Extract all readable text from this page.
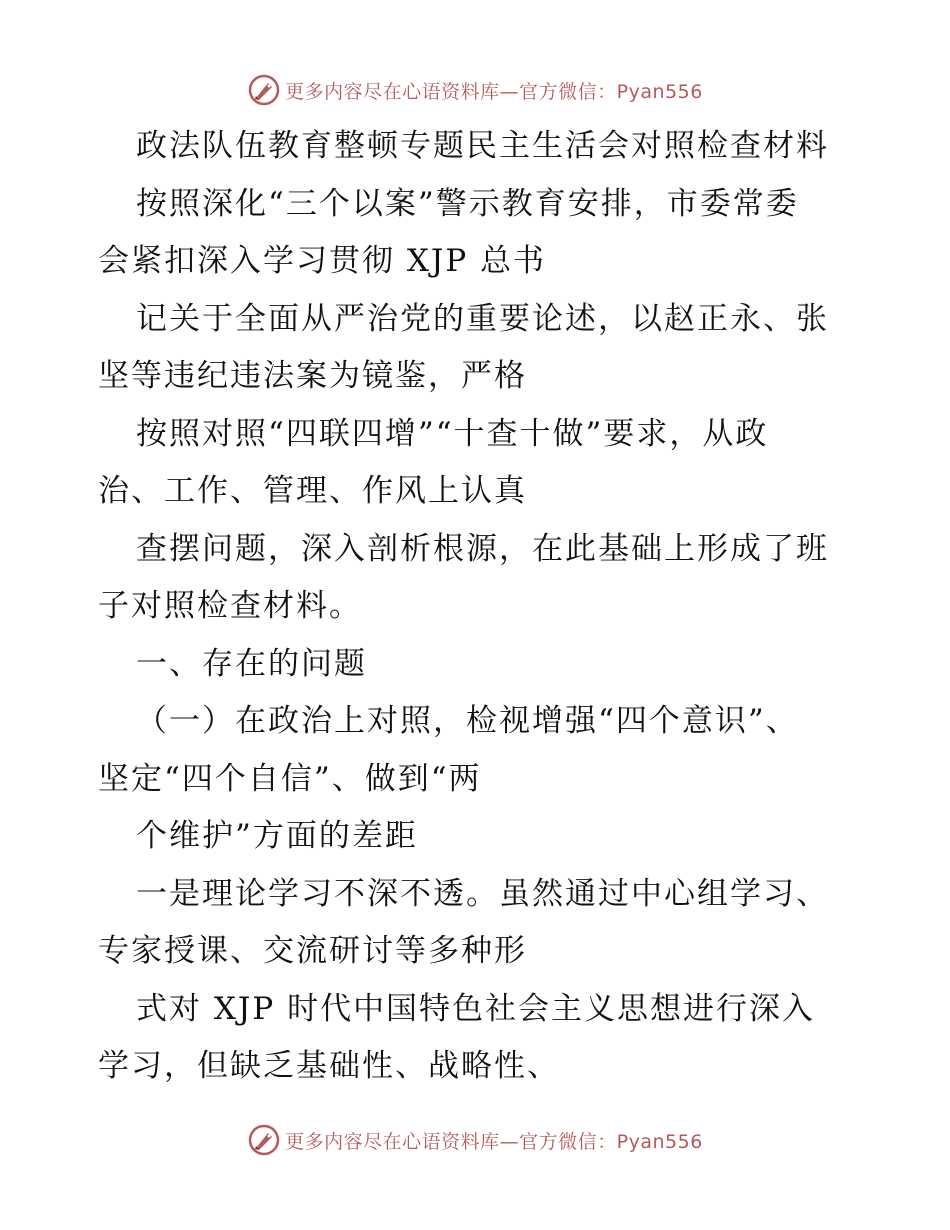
更多内容尽在心语资料库—官方微信：Pyan556
政法队伍教育整顿专题民主生活会对照检查材料
按照深化“三个以案”警示教育安排，市委常委
会紧扣深入学习贯彻 XJP 总书
记关于全面从严治党的重要论述，以赵正永、张
坚等违纪违法案为镜鉴，严格
按照对照“四联四增”“十查十做”要求，从政
治、工作、管理、作风上认真
查摆问题，深入剖析根源，在此基础上形成了班
子对照检查材料。
一、存在的问题
（一）在政治上对照，检视增强“四个意识”、
坚定“四个自信”、做到“两
个维护”方面的差距
一是理论学习不深不透。虽然通过中心组学习、
专家授课、交流研讨等多种形
式对 XJP 时代中国特色社会主义思想进行深入
学习，但缺乏基础性、战略性、
更多内容尽在心语资料库—官方微信：Pyan556
